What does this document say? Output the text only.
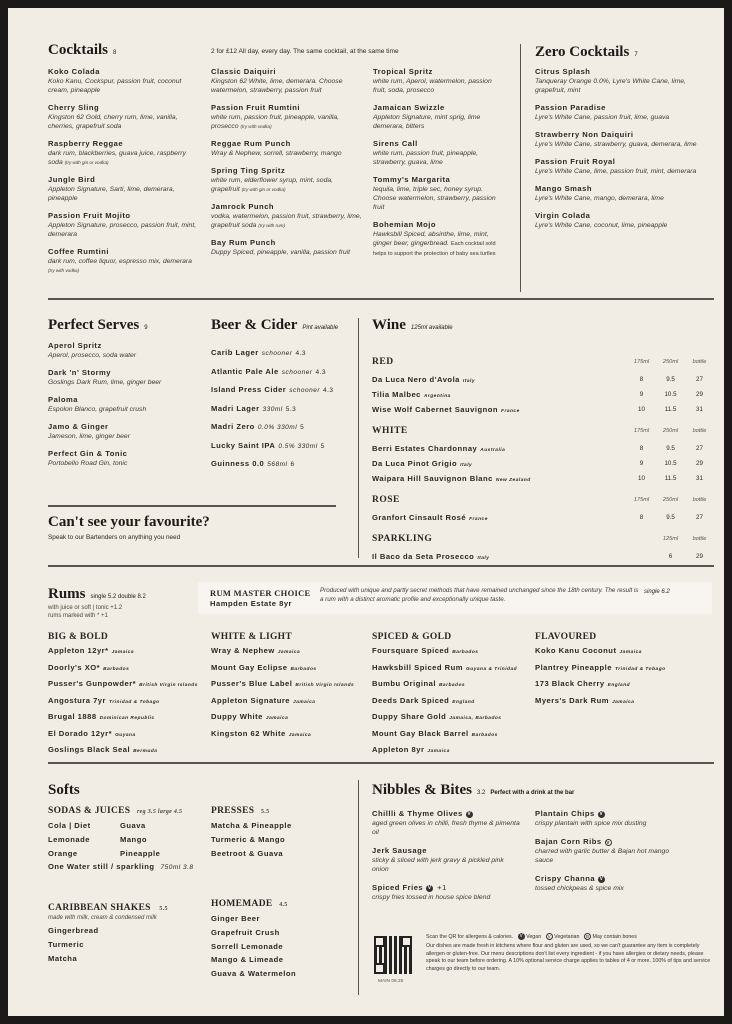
Cocktails 8	2 for £12 All day, every day. The same cocktail, at the same time
Koko Colada
Koko Kanu, Cockspur, passion fruit, coconut cream, pineapple
Cherry Sling
Kingston 62 Gold, cherry rum, lime, vanilla, cherries, grapefruit soda
Raspberry Reggae
dark rum, blackberries, guava juice, raspberry soda (try with gin or vodka)
Jungle Bird
Appleton Signature, Sarti, lime, demerara, pineapple
Passion Fruit Mojito
Appleton Signature, prosecco, passion fruit, mint, demerara
Coffee Rumtini
dark rum, coffee liquor, espresso mix, demerara (try with vodka)
Classic Daiquiri
Kingston 62 White, lime, demerara. Choose watermelon, strawberry, passion fruit
Passion Fruit Rumtini
white rum, passion fruit, pineapple, vanilla, prosecco (try with vodka)
Reggae Rum Punch
Wray & Nephew, sorrell, strawberry, mango
Spring Ting Spritz
white rum, elderflower syrup, mint, soda, grapefruit (try with gin or vodka)
Jamrock Punch
vodka, watermelon, passion fruit, strawberry, lime, grapefruit soda (try with rum)
Bay Rum Punch
Duppy Spiced, pineapple, vanilla, passion fruit
Tropical Spritz
white rum, Aperol, watermelon, passion fruit, soda, prosecco
Jamaican Swizzle
Appleton Signature, mint sprig, lime demerara, bitters
Sirens Call
white rum, passion fruit, pineapple, strawberry, guava, lime
Tommy's Margarita
tequila, lime, triple sec, honey syrup. Choose watermelon, strawberry, passion fruit
Bohemian Mojo
Hawksbill Spiced, absinthe, lime, mint, ginger beer, gingerbread. Each cocktail sold helps to support the protection of baby sea turtles
Zero Cocktails 7
Citrus Splash
Tanqueray Orange 0.0%, Lyre's White Cane, lime, grapefruit, mint
Passion Paradise
Lyre's White Cane, passion fruit, lime, guava
Strawberry Non Daiquiri
Lyre's White Cane, strawberry, guava, demerara, lime
Passion Fruit Royal
Lyre's White Cane, lime, passion fruit, mint, demerara
Mango Smash
Lyre's White Cane, mango, demerara, lime
Virgin Colada
Lyre's White Cane, coconut, lime, pineapple
Perfect Serves 9
Aperol Spritz
Aperol, prosecco, soda water
Dark 'n' Stormy
Goslings Dark Rum, lime, ginger beer
Paloma
Espolon Blanco, grapefruit crush
Jamo & Ginger
Jameson, lime, ginger beer
Perfect Gin & Tonic
Portobello Road Gin, tonic
Beer & Cider Pint available
Carib Lager schooner 4.3
Atlantic Pale Ale schooner 4.3
Island Press Cider schooner 4.3
Madri Lager 330ml 5.3
Madri Zero 0.0% 330ml 5
Lucky Saint IPA 0.5% 330ml 5
Guinness 0.0 568ml 6
Can't see your favourite?
Speak to our Bartenders on anything you need
Wine 125ml available
RED	175ml	250ml	bottle
Da Luca Nero d'Avola Italy	8	9.5	27
Tilia Malbec Argentina	9	10.5	29
Wise Wolf Cabernet Sauvignon France	10	11.5	31
WHITE	175ml	250ml	bottle
Berri Estates Chardonnay Australia	8	9.5	27
Da Luca Pinot Grigio Italy	9	10.5	29
Waipara Hill Sauvignon Blanc New Zealand	10	11.5	31
ROSE	175ml	250ml	bottle
Granfort Cinsault Rosé France	8	9.5	27
SPARKLING	125ml	bottle
Il Baco da Seta Prosecco Italy	6	29
Rums single 5.2 double 8.2
with juice or soft | tonic +1.2
rums marked with * +1
RUM MASTER CHOICE
Hampden Estate 8yr
Produced with unique and partly secret methods that have remained unchanged since the 18th century. The result is a rum with a distinct aromatic profile and exceptionally unique taste.
single 6.2
BIG & BOLD
Appleton 12yr* Jamaica
Doorly's XO* Barbados
Pusser's Gunpowder* British Virgin Islands
Angostura 7yr Trinidad & Tobago
Brugal 1888 Dominican Republic
El Dorado 12yr* Guyana
Goslings Black Seal Bermuda
WHITE & LIGHT
Wray & Nephew Jamaica
Mount Gay Eclipse Barbados
Pusser's Blue Label British Virgin Islands
Appleton Signature Jamaica
Duppy White Jamaica
Kingston 62 White Jamaica
SPICED & GOLD
Foursquare Spiced Barbados
Hawksbill Spiced Rum Guyana & Trinidad
Bumbu Original Barbados
Deeds Dark Spiced England
Duppy Share Gold Jamaica, Barbados
Mount Gay Black Barrel Barbados
Appleton 8yr Jamaica
FLAVOURED
Koko Kanu Coconut Jamaica
Plantrey Pineapple Trinidad & Tobago
173 Black Cherry England
Myers's Dark Rum Jamaica
Softs
SODAS & JUICES reg 3.5 large 4.5
Cola | Diet
Lemonade
Orange
Guava
Mango
Pineapple
One Water still / sparkling 750ml 3.8
CARIBBEAN SHAKES 5.5
made with milk, cream & condensed milk
Gingerbread
Turmeric
Matcha
PRESSES 5.5
Matcha & Pineapple
Turmeric & Mango
Beetroot & Guava
HOMEMADE 4.5
Ginger Beer
Grapefruit Crush
Sorrell Lemonade
Mango & Limeade
Guava & Watermelon
Nibbles & Bites 3.2 Perfect with a drink at the bar
Chillli & Thyme Olives V
aged green olives in chilli, fresh thyme & pimenta oil
Jerk Sausage
sticky & sliced with jerk gravy & pickled pink onion
Spiced Fries V +1
crispy fries tossed in house spice blend
Plantain Chips V
crispy plantain with spice mix dusting
Bajan Corn Ribs V
charred with garlic butter & Bajan hot mango sauce
Crispy Channa V
tossed chickpeas & spice mix
MAIN 08.25
Scan the QR for allergens & calories. V Vegan V Vegetarian B May contain bones
Our dishes are made fresh in kitchens where flour and gluten are used, so we can't guarantee any item is completely allergen or gluten-free. Our menu descriptions don't list every ingredient - if you have allergies or dietary needs, please speak to our team before ordering. A 10% optional service charge applies to tables of 4 or more. 100% of tips and service charges go directly to our team.
